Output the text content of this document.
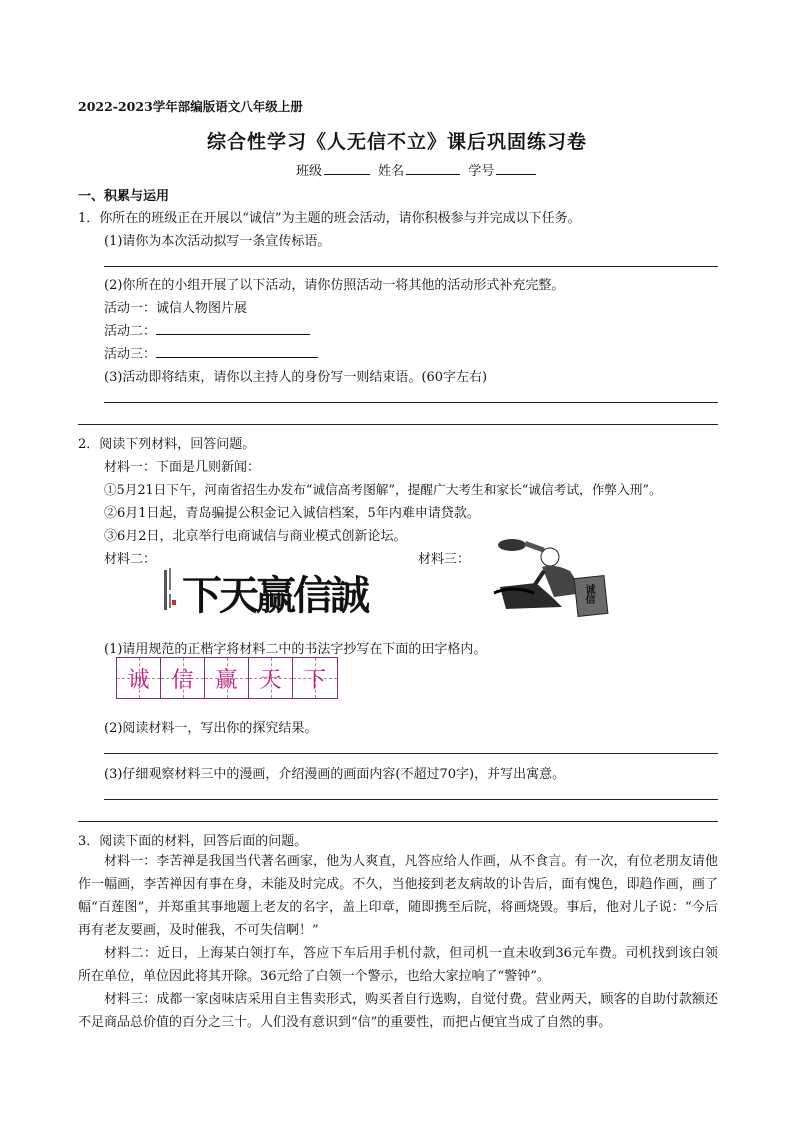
2022-2023学年部编版语文八年级上册
综合性学习《人无信不立》课后巩固练习卷
班级	姓名	学号
一、积累与运用
1．你所在的班级正在开展以“诚信”为主题的班会活动，请你积极参与并完成以下任务。
(1)请你为本次活动拟写一条宣传标语。
(2)你所在的小组开展了以下活动，请你仿照活动一将其他的活动形式补充完整。
活动一：诚信人物图片展
活动二：
活动三：
(3)活动即将结束，请你以主持人的身份写一则结束语。(60字左右)
2．阅读下列材料，回答问题。
材料一：下面是几则新闻：
①5月21日下午，河南省招生办发布“诚信高考图解”，提醒广大考生和家长“诚信考试，作弊入刑”。
②6月1日起，青岛骗提公积金记入诚信档案，5年内难申请贷款。
③6月2日，北京举行电商诚信与商业模式创新论坛。
材料二：	材料三：
下天赢信誠	诚信
(1)请用规范的正楷字将材料二中的书法字抄写在下面的田字格内。
诚 信 赢 天	下
(2)阅读材料一，写出你的探究结果。
(3)仔细观察材料三中的漫画，介绍漫画的画面内容(不超过70字)，并写出寓意。
3．阅读下面的材料，回答后面的问题。
材料一：李苦禅是我国当代著名画家，他为人爽直，凡答应给人作画，从不食言。有一次，有位老朋友请他作一幅画，李苦禅因有事在身，未能及时完成。不久，当他接到老友病故的讣告后，面有愧色，即趋作画，画了幅“百莲图”，并郑重其事地题上老友的名字，盖上印章，随即携至后院，将画烧毁。事后，他对儿子说：“今后再有老友要画，及时催我，不可失信啊！”
材料二：近日，上海某白领打车，答应下车后用手机付款，但司机一直未收到36元车费。司机找到该白领所在单位，单位因此将其开除。36元给了白领一个警示，也给大家拉响了“警钟”。
材料三：成都一家卤味店采用自主售卖形式，购买者自行选购，自觉付费。营业两天，顾客的自助付款额还不足商品总价值的百分之三十。人们没有意识到“信”的重要性，而把占便宜当成了自然的事。
